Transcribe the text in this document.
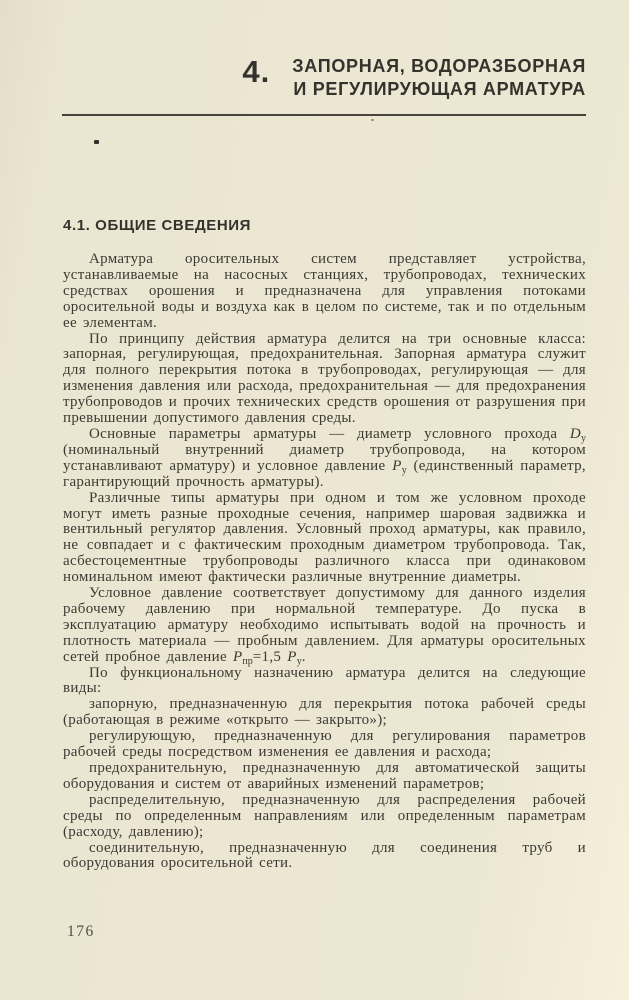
4. ЗАПОРНАЯ, ВОДОРАЗБОРНАЯ
И РЕГУЛИРУЮЩАЯ АРМАТУРА
4.1. ОБЩИЕ СВЕДЕНИЯ

Арматура оросительных систем представляет устройства, устанавливаемые на насосных станциях, трубопроводах, технических средствах орошения и предназначена для управления потоками оросительной воды и воздуха как в целом по системе, так и по отдельным ее элементам.

По принципу действия арматура делится на три основные класса: запорная, регулирующая, предохранительная. Запорная арматура служит для полного перекрытия потока в трубопроводах, регулирующая — для изменения давления или расхода, предохранительная — для предохранения трубопроводов и прочих технических средств орошения от разрушения при превышении допустимого давления среды.

Основные параметры арматуры — диаметр условного прохода $D_у$ (номинальный внутренний диаметр трубопровода, на котором устанавливают арматуру) и условное давление $P_у$ (единственный параметр, гарантирующий прочность арматуры).

Различные типы арматуры при одном и том же условном проходе могут иметь разные проходные сечения, например шаровая задвижка и вентильный регулятор давления. Условный проход арматуры, как правило, не совпадает и с фактическим проходным диаметром трубопровода. Так, асбестоцементные трубопроводы различного класса при одинаковом номинальном имеют фактически различные внутренние диаметры.

Условное давление соответствует допустимому для данного изделия рабочему давлению при нормальной температуре. До пуска в эксплуатацию арматуру необходимо испытывать водой на прочность и плотность материала — пробным давлением. Для арматуры оросительных сетей пробное давление $P_{пр}=1,5$ $P_у$.

По функциональному назначению арматура делится на следующие виды:

запорную, предназначенную для перекрытия потока рабочей среды (работающая в режиме «открыто — закрыто»);

регулирующую, предназначенную для регулирования параметров рабочей среды посредством изменения ее давления и расхода;

предохранительную, предназначенную для автоматической защиты оборудования и систем от аварийных изменений параметров;

распределительную, предназначенную для распределения рабочей среды по определенным направлениям или определенным параметрам (расходу, давлению);

соединительную, предназначенную для соединения труб и оборудования оросительной сети.

176
